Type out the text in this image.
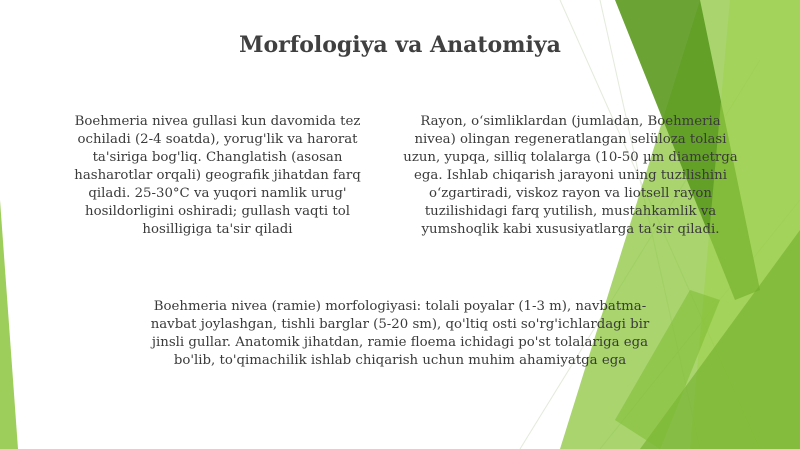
Morfologiya va Anatomiya

Boehmeria nivea gullasi kun davomida tez ochiladi (2-4 soatda), yorug'lik va harorat ta'siriga bog'liq. Changlatish (asosan hasharotlar orqali) geografik jihatdan farq qiladi. 25-30°C va yuqori namlik urug' hosildorligini oshiradi; gullash vaqti tol hosilligiga ta'sir qiladi

Rayon, o‘simliklardan (jumladan, Boehmeria nivea) olingan regeneratlangan selüloza tolasi uzun, yupqa, silliq tolalarga (10-50 µm diametrga ega. Ishlab chiqarish jarayoni uning tuzilishini o‘zgartiradi, viskoz rayon va liotsell rayon tuzilishidagi farq yutilish, mustahkamlik va yumshoqlik kabi xususiyatlarga ta’sir qiladi.

Boehmeria nivea (ramie) morfologiyasi: tolali poyalar (1-3 m), navbatma-navbat joylashgan, tishli barglar (5-20 sm), qo'ltiq osti so'rg'ichlardagi bir jinsli gullar. Anatomik jihatdan, ramie floema ichidagi po'st tolalariga ega bo'lib, to'qimachilik ishlab chiqarish uchun muhim ahamiyatga ega
